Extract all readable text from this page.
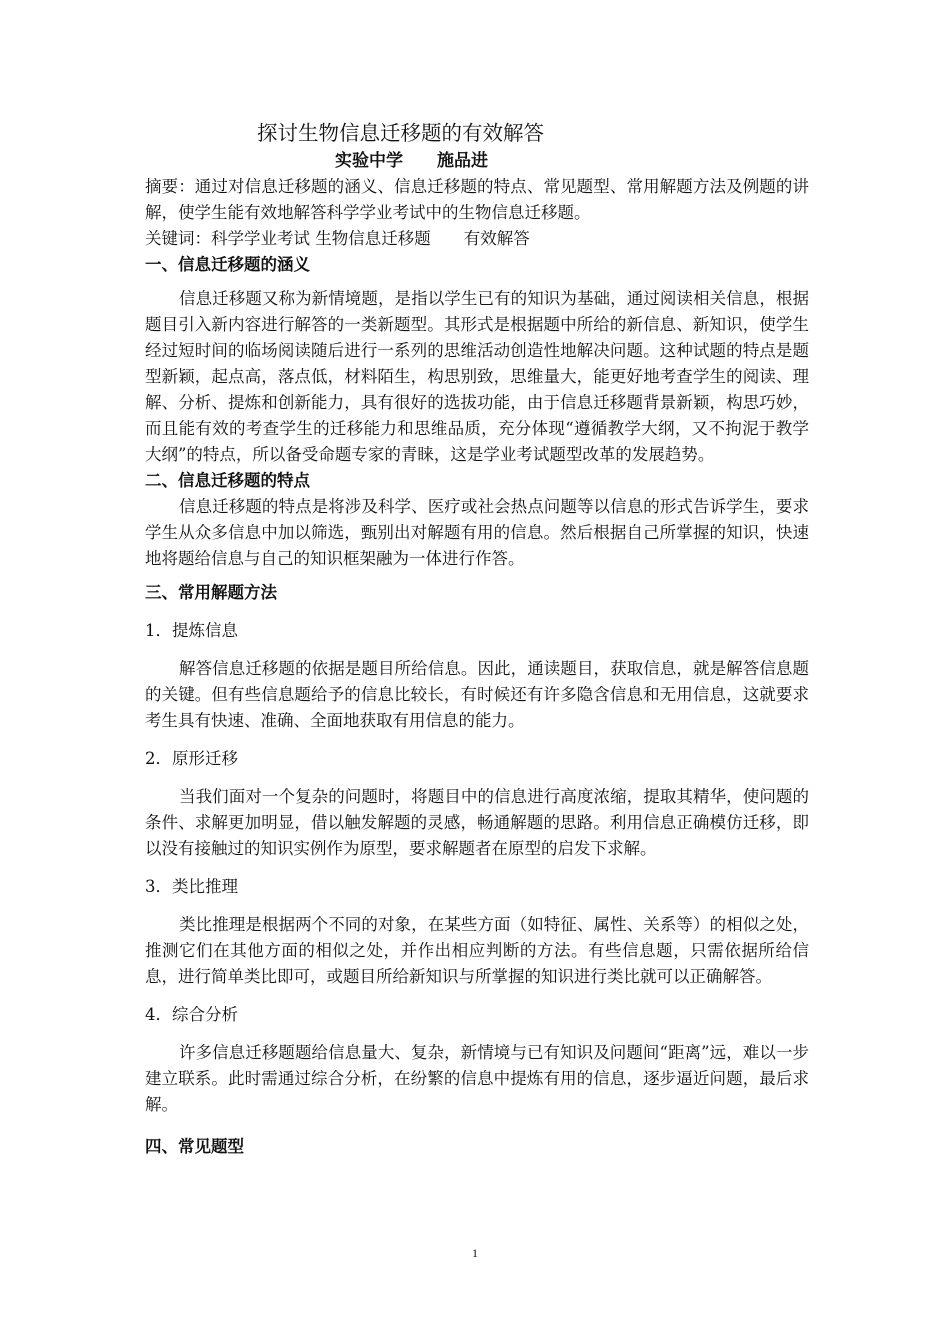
探讨生物信息迁移题的有效解答

实验中学　　施品进

摘要：通过对信息迁移题的涵义、信息迁移题的特点、常见题型、常用解题方法及例题的讲解，使学生能有效地解答科学学业考试中的生物信息迁移题。

关键词：科学学业考试 生物信息迁移题　　有效解答

一、信息迁移题的涵义

信息迁移题又称为新情境题，是指以学生已有的知识为基础，通过阅读相关信息，根据题目引入新内容进行解答的一类新题型。其形式是根据题中所给的新信息、新知识，使学生经过短时间的临场阅读随后进行一系列的思维活动创造性地解决问题。这种试题的特点是题型新颖，起点高，落点低，材料陌生，构思别致，思维量大，能更好地考查学生的阅读、理解、分析、提炼和创新能力，具有很好的选拔功能，由于信息迁移题背景新颖，构思巧妙，而且能有效的考查学生的迁移能力和思维品质，充分体现“遵循教学大纲，又不拘泥于教学大纲”的特点，所以备受命题专家的青睐，这是学业考试题型改革的发展趋势。

二、信息迁移题的特点

信息迁移题的特点是将涉及科学、医疗或社会热点问题等以信息的形式告诉学生，要求学生从众多信息中加以筛选，甄别出对解题有用的信息。然后根据自己所掌握的知识，快速地将题给信息与自己的知识框架融为一体进行作答。

三、常用解题方法

1．提炼信息

解答信息迁移题的依据是题目所给信息。因此，通读题目，获取信息，就是解答信息题的关键。但有些信息题给予的信息比较长，有时候还有许多隐含信息和无用信息，这就要求考生具有快速、准确、全面地获取有用信息的能力。

2．原形迁移

当我们面对一个复杂的问题时，将题目中的信息进行高度浓缩，提取其精华，使问题的条件、求解更加明显，借以触发解题的灵感，畅通解题的思路。利用信息正确模仿迁移，即以没有接触过的知识实例作为原型，要求解题者在原型的启发下求解。

3．类比推理

类比推理是根据两个不同的对象，在某些方面（如特征、属性、关系等）的相似之处，推测它们在其他方面的相似之处，并作出相应判断的方法。有些信息题，只需依据所给信息，进行简单类比即可，或题目所给新知识与所掌握的知识进行类比就可以正确解答。

4．综合分析

许多信息迁移题题给信息量大、复杂，新情境与已有知识及问题间“距离”远，难以一步建立联系。此时需通过综合分析，在纷繁的信息中提炼有用的信息，逐步逼近问题，最后求解。

四、常见题型

1
